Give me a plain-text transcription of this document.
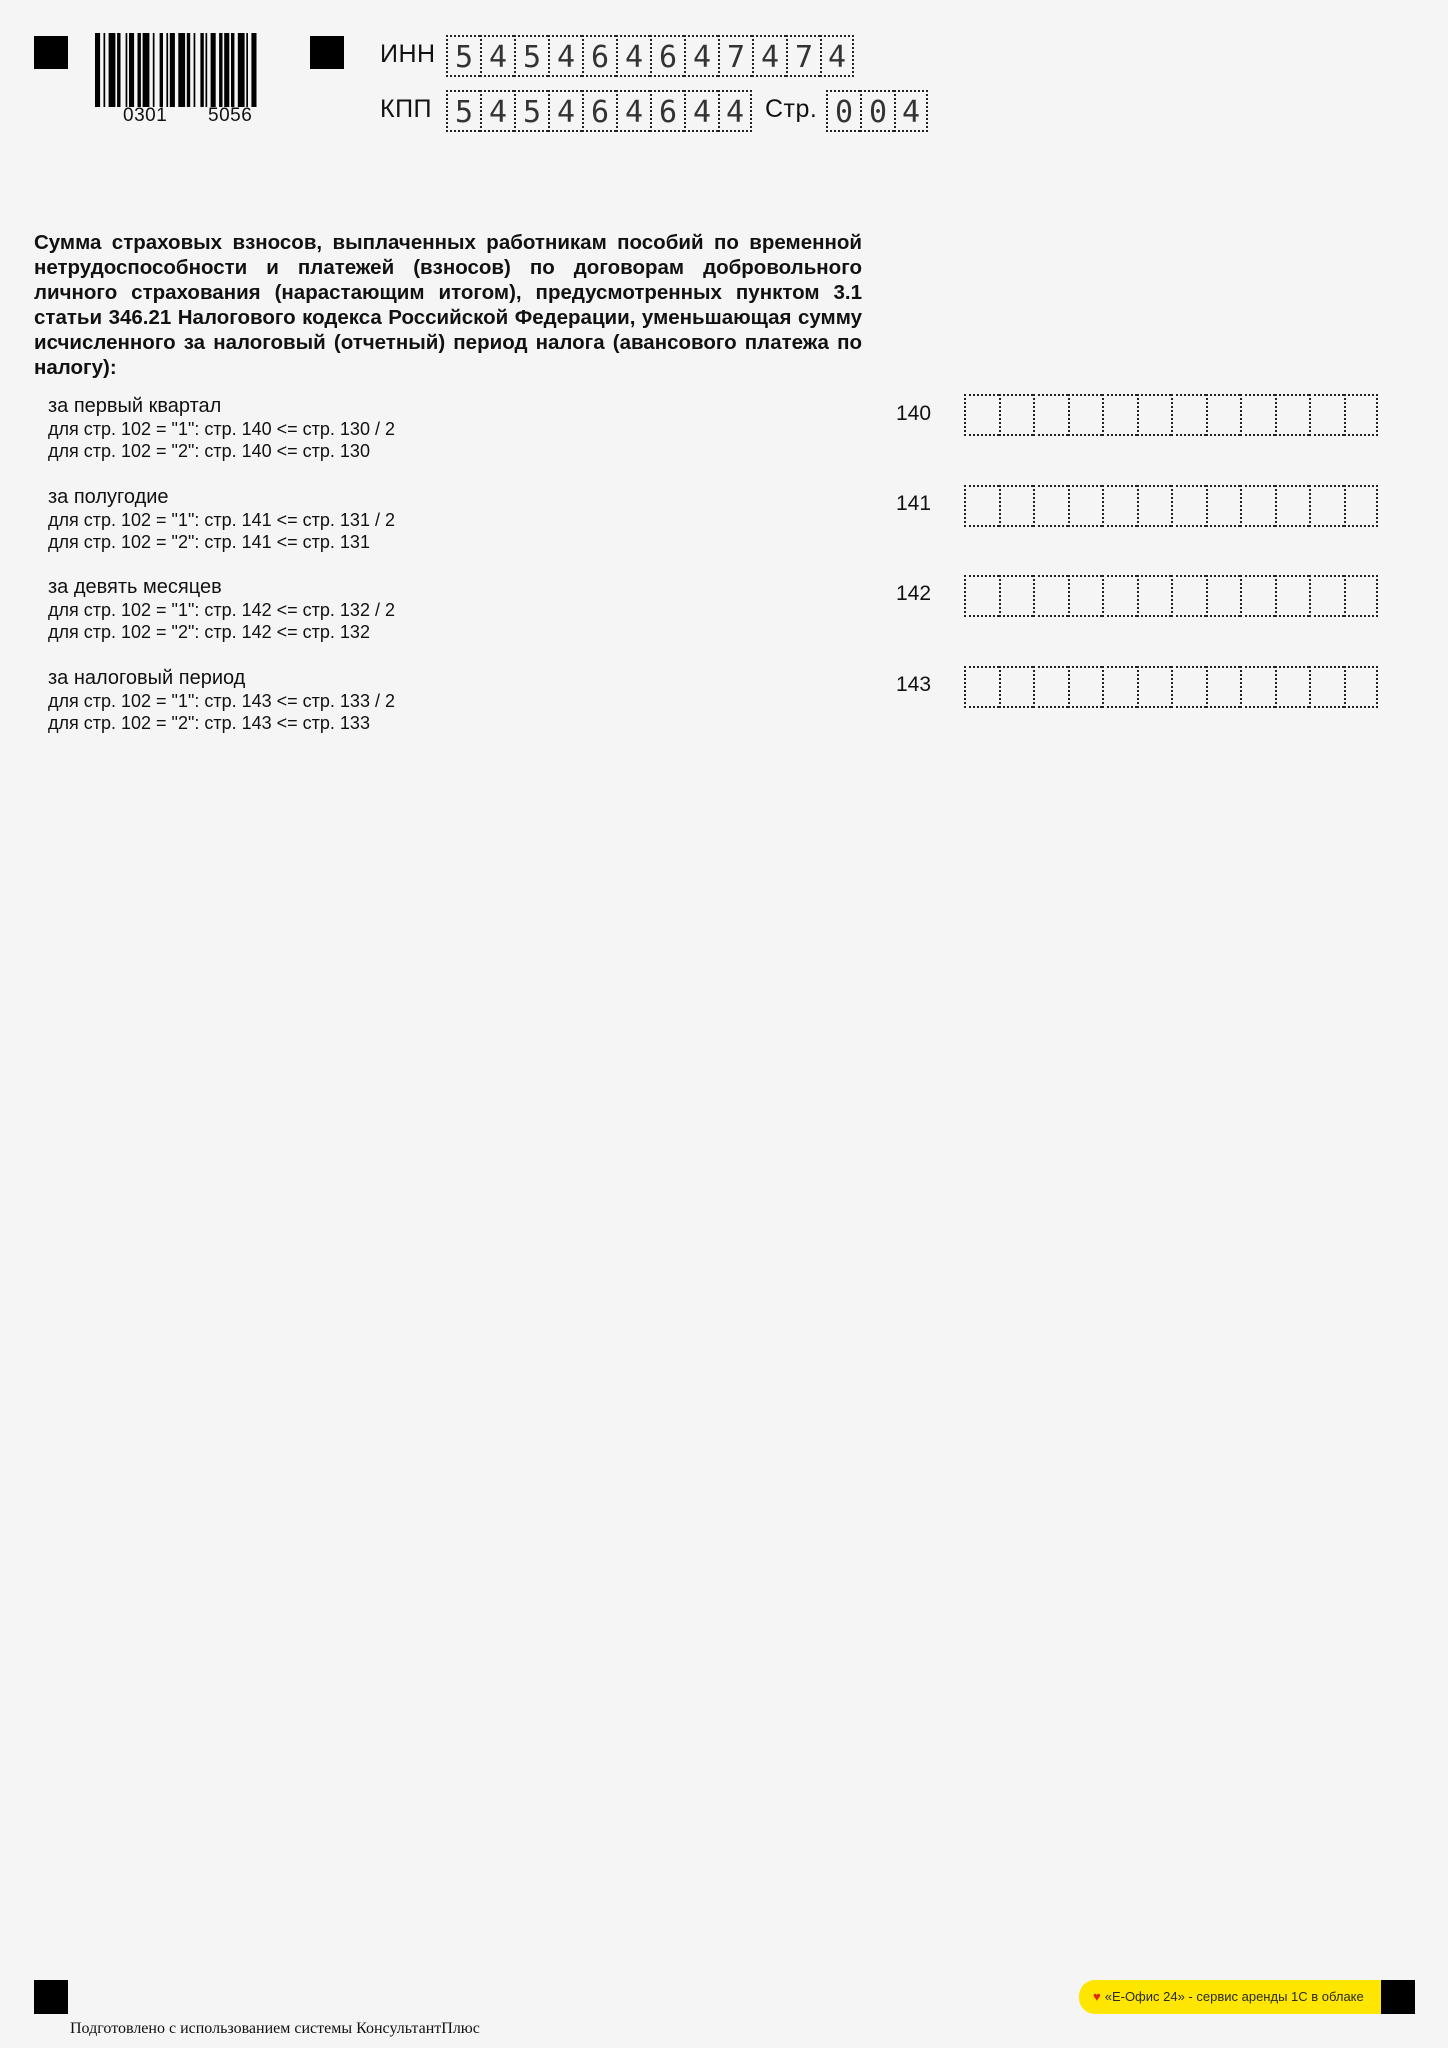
0301 5056
ИНН 5 4 5 4 6 4 6 4 7 4 7 4
КПП 5 4 5 4 6 4 6 4 4 Стр. 0 0 4
Сумма страховых взносов, выплаченных работникам пособий по временной нетрудоспособности и платежей (взносов) по договорам добровольного личного страхования (нарастающим итогом), предусмотренных пунктом 3.1 статьи 346.21 Налогового кодекса Российской Федерации, уменьшающая сумму исчисленного за налоговый (отчетный) период налога (авансового платежа по налогу):

за первый квартал

для стр. 102 = "1": стр. 140 <= стр. 130 / 2

для стр. 102 = "2": стр. 140 <= стр. 130

140

за полугодие

для стр. 102 = "1": стр. 141 <= стр. 131 / 2

для стр. 102 = "2": стр. 141 <= стр. 131

141

за девять месяцев

для стр. 102 = "1": стр. 142 <= стр. 132 / 2

для стр. 102 = "2": стр. 142 <= стр. 132

142

за налоговый период

для стр. 102 = "1": стр. 143 <= стр. 133 / 2

для стр. 102 = "2": стр. 143 <= стр. 133

143
Подготовлено с использованием системы КонсультантПлюс
♥ «Е-Офис 24» - сервис аренды 1С в облаке
